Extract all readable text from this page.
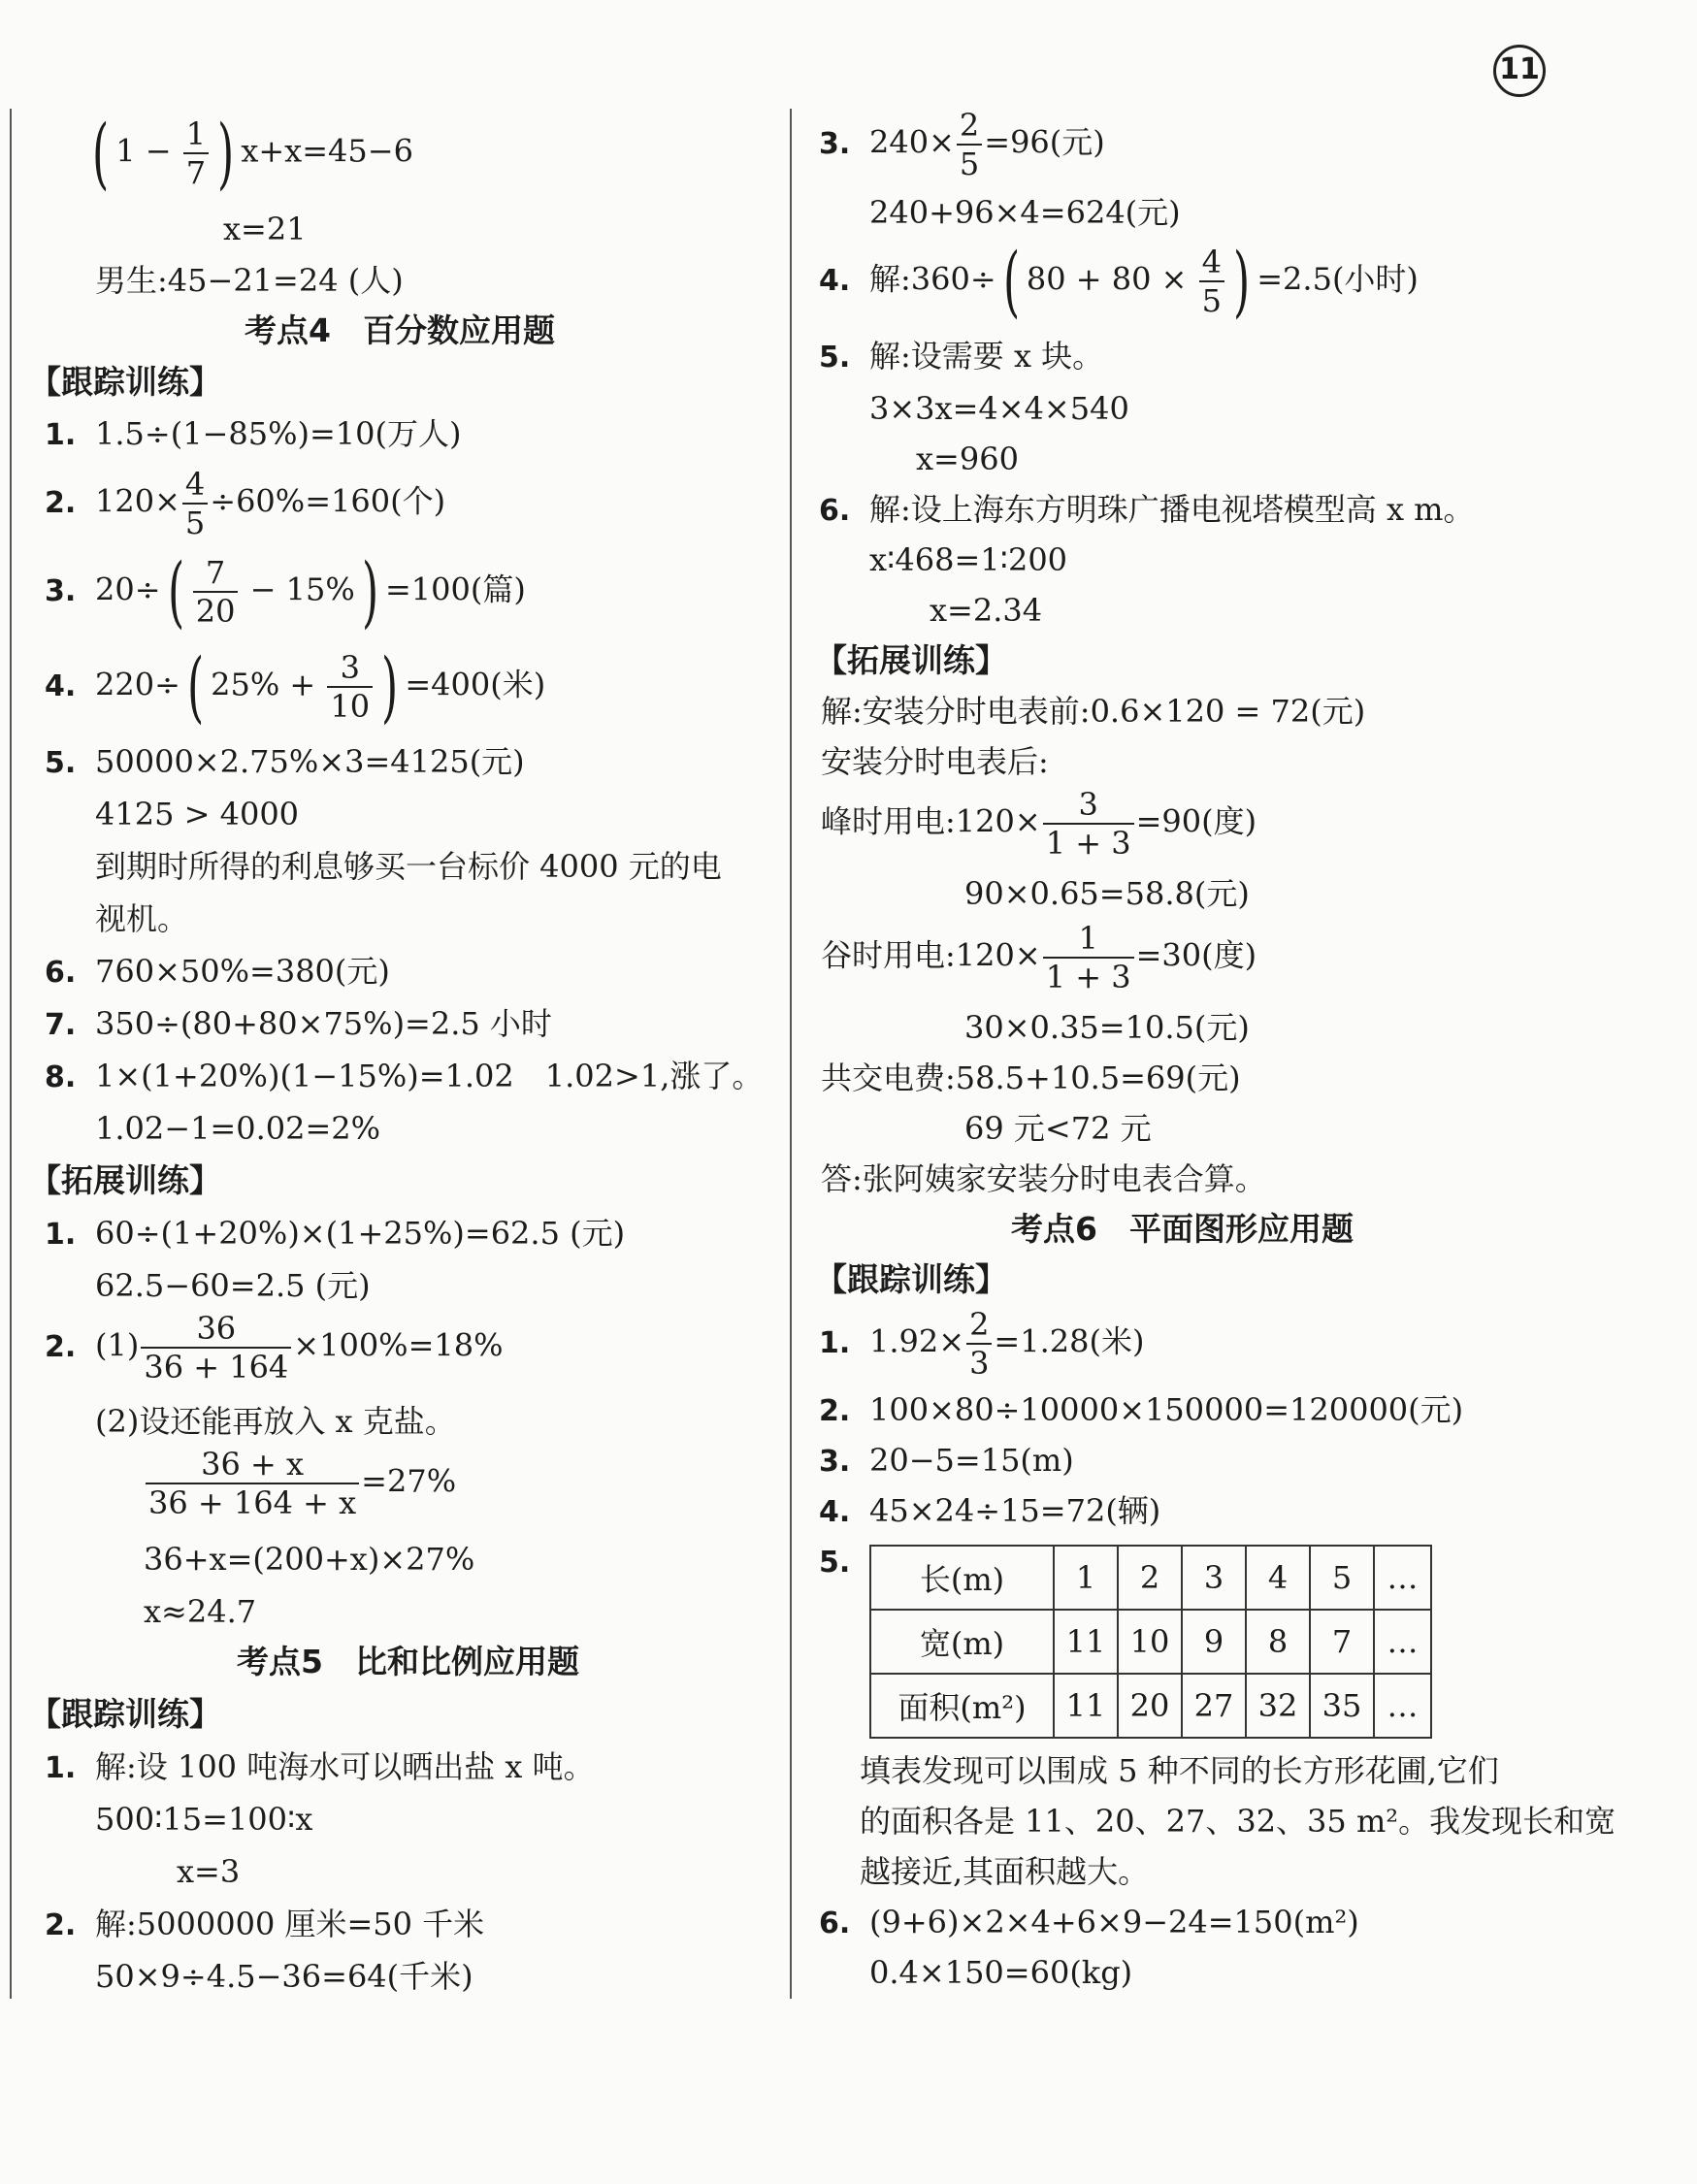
11
( $1 - \frac{1}{7}$ ) x+x=45−6
x=21
男生:45−21=24 (人)
考点4　百分数应用题
【跟踪训练】
1. 1.5÷(1−85%)=10(万人)
2. $120\times \frac{4}{5} \div 60\%=160$(个)
3. $20\div( \frac{7}{20} - 15\%) =100$(篇)
4. 220÷( $25\% + \frac{3}{10}$ ) =400(米)
5. 50000×2.75%×3=4125(元)
4125 > 4000
到期时所得的利息够买一台标价 4000 元的电
视机。
6. 760×50%=380(元)
7. 350÷(80+80×75%)=2.5 小时
8. 1×(1+20%)(1−15%)=1.02　1.02>1,涨了。
1.02−1=0.02=2%
【拓展训练】
1. 60÷(1+20%)×(1+25%)=62.5 (元)
62.5−60=2.5 (元)
2. $(1) \frac{36}{36 + 164} \times 100\%=18\%$
(2)设还能再放入 x 克盐。
$\frac{36 + x}{36 + 164 + x} =27\%$
36+x=(200+x)×27%
x≈24.7
考点5　比和比例应用题
【跟踪训练】
1. 解:设 100 吨海水可以晒出盐 x 吨。
500∶15=100∶x
x=3
2. 解:5000000 厘米=50 千米
50×9÷4.5−36=64(千米)
3. $240\times \frac{2}{5} =96$(元)
240+96×4=624(元)
4. 解:360÷( $80 + 80 \times \frac{4}{5}$ ) =2.5(小时)
5. 解:设需要 x 块。
3×3x=4×4×540
x=960
6. 解:设上海东方明珠广播电视塔模型高 x m。
x∶468=1∶200
x=2.34
【拓展训练】
解:安装分时电表前:0.6×120 = 72(元)
安装分时电表后:
峰时用电:120× $\frac{3}{1 + 3} =90$(度)
90×0.65=58.8(元)
谷时用电:120× $\frac{1}{1 + 3} =30$(度)
30×0.35=10.5(元)
共交电费:58.5+10.5=69(元)
69 元<72 元
答:张阿姨家安装分时电表合算。
考点6　平面图形应用题
【跟踪训练】
1. $1.92\times \frac{2}{3} =1.28$(米)
2. 100×80÷10000×150000=120000(元)
3. 20−5=15(m)
4. 45×24÷15=72(辆)
5.	长(m)	1	2	3	4	5	…
宽(m)	11	10	9	8	7	…
面积(m²)	11	20	27	32	35	…
填表发现可以围成 5 种不同的长方形花圃,它们
的面积各是 11、20、27、32、35 m²。我发现长和宽
越接近,其面积越大。
6. (9+6)×2×4+6×9−24=150(m²)
0.4×150=60(kg)
